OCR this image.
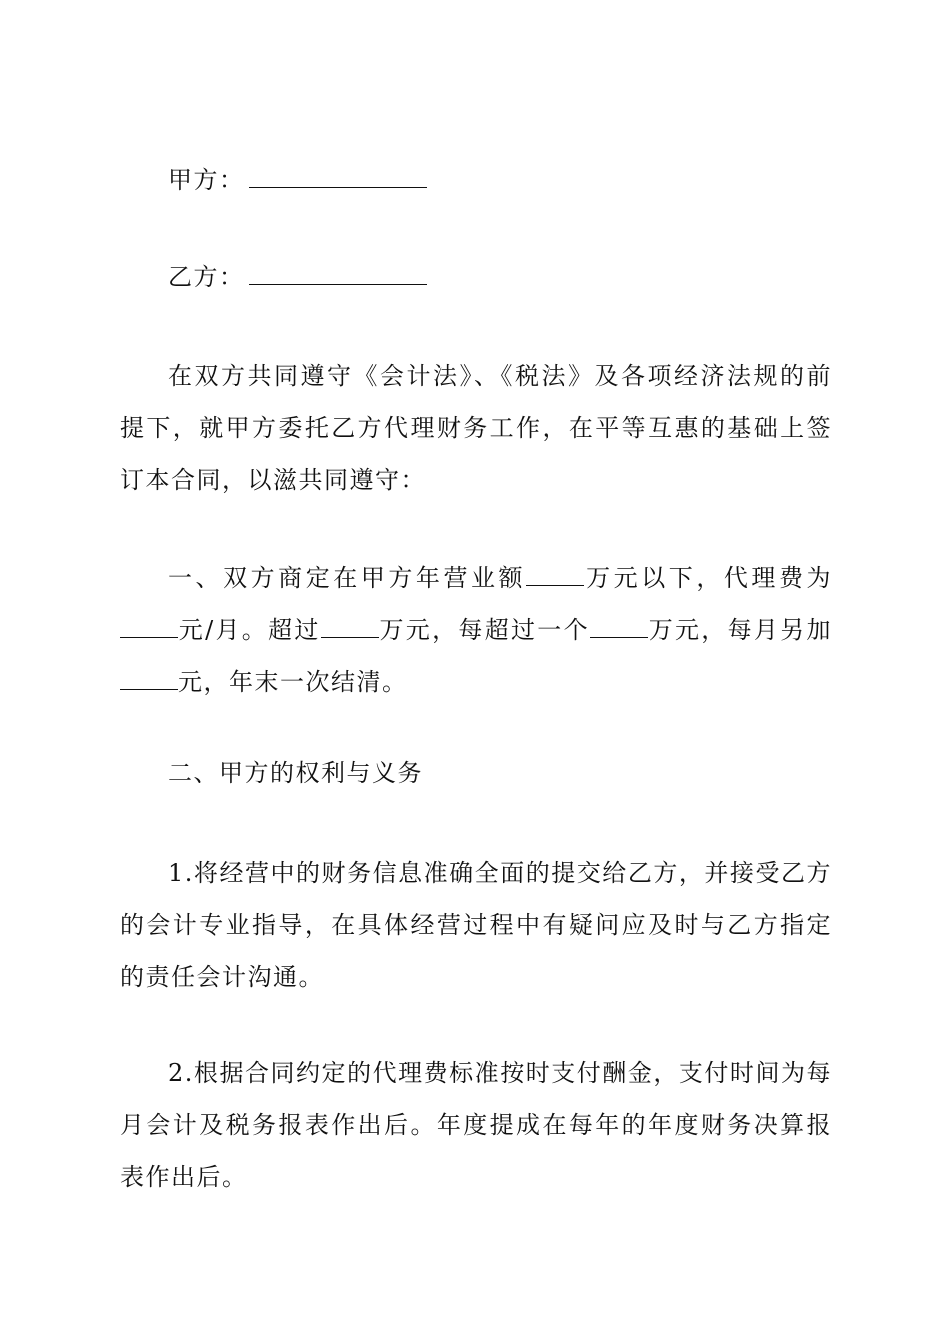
甲方：

乙方：

在双方共同遵守《会计法》、《税法》及各项经济法规的前提下，就甲方委托乙方代理财务工作，在平等互惠的基础上签订本合同，以滋共同遵守：

一、双方商定在甲方年营业额 万元以下，代理费为元/月。超过 万元，每超过一个 万元，每月另加元，年末一次结清。

二、甲方的权利与义务

1.将经营中的财务信息准确全面的提交给乙方，并接受乙方的会计专业指导，在具体经营过程中有疑问应及时与乙方指定的责任会计沟通。

2.根据合同约定的代理费标准按时支付酬金，支付时间为每月会计及税务报表作出后。年度提成在每年的年度财务决算报表作出后。
